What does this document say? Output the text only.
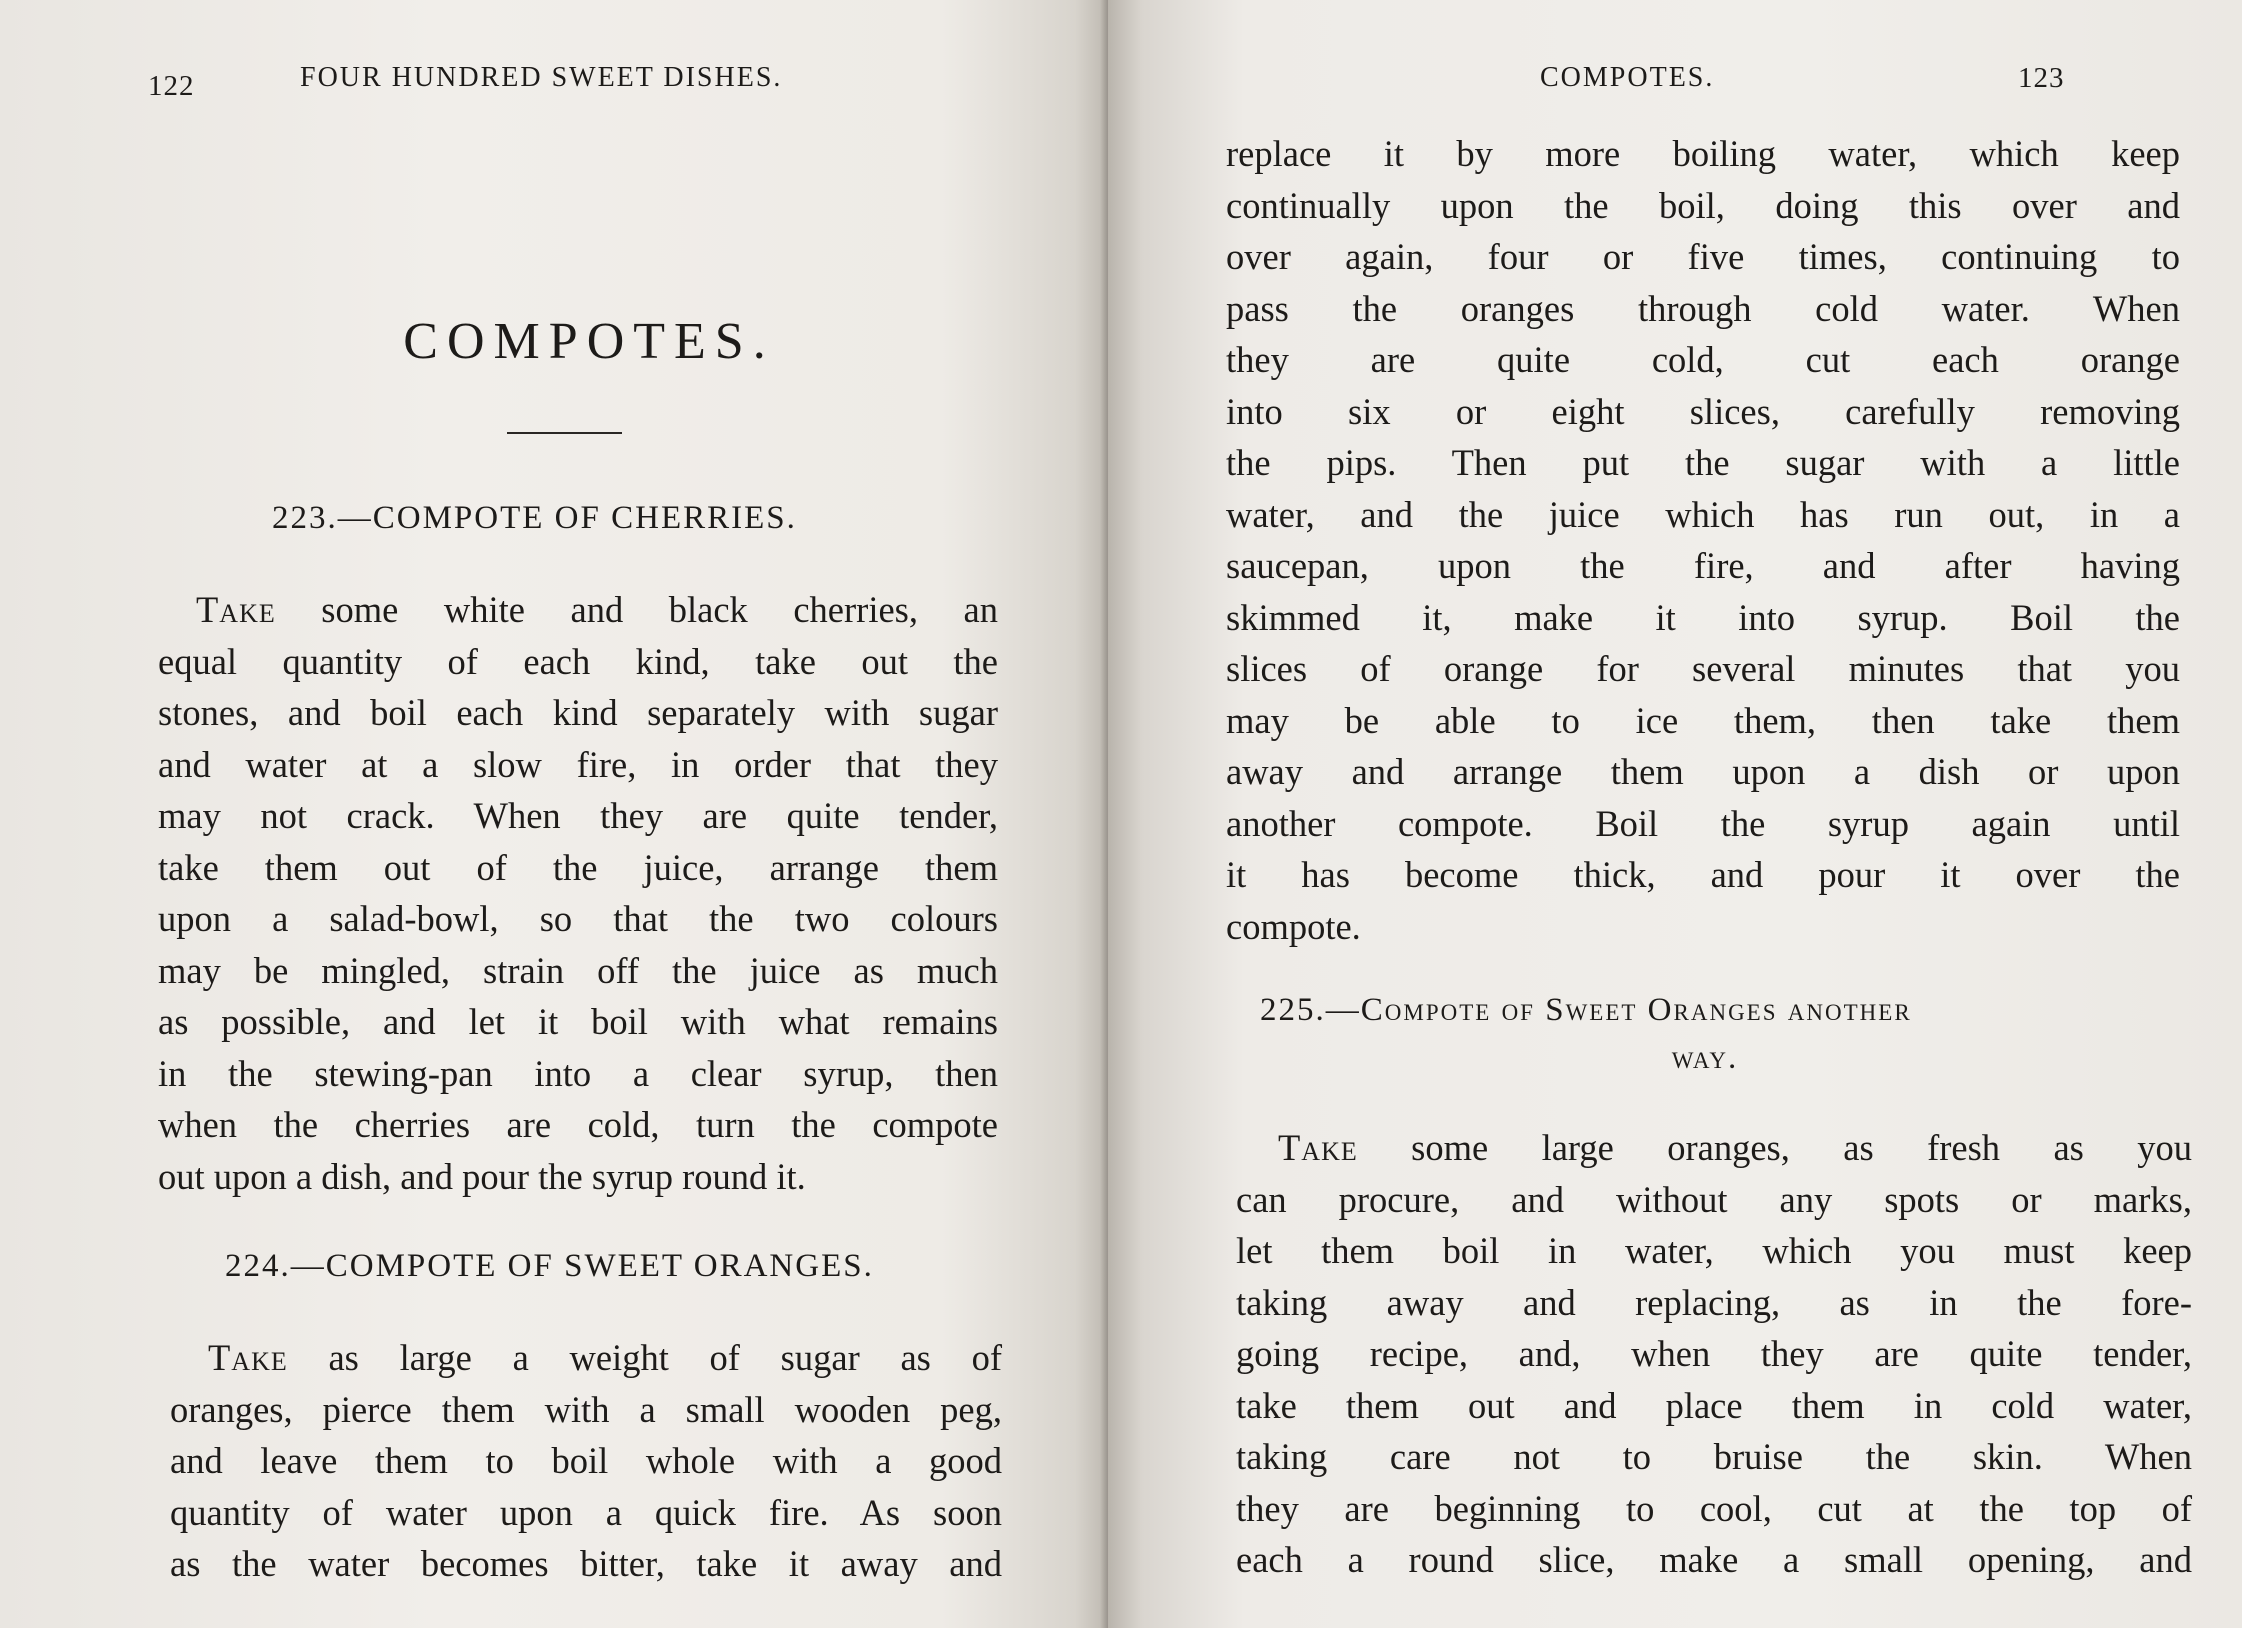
122	FOUR HUNDRED SWEET DISHES.
COMPOTES.
223.—COMPOTE OF CHERRIES.
Take some white and black cherries, an
equal quantity of each kind, take out the
stones, and boil each kind separately with sugar
and water at a slow fire, in order that they
may not crack. When they are quite tender,
take them out of the juice, arrange them
upon a salad-bowl, so that the two colours
may be mingled, strain off the juice as much
as possible, and let it boil with what remains
in the stewing-pan into a clear syrup, then
when the cherries are cold, turn the compote
out upon a dish, and pour the syrup round it.
224.—COMPOTE OF SWEET ORANGES.
Take as large a weight of sugar as of
oranges, pierce them with a small wooden peg,
and leave them to boil whole with a good
quantity of water upon a quick fire. As soon
as the water becomes bitter, take it away and
COMPOTES.	123
replace it by more boiling water, which keep
continually upon the boil, doing this over and
over again, four or five times, continuing to
pass the oranges through cold water. When
they are quite cold, cut each orange
into six or eight slices, carefully removing
the pips. Then put the sugar with a little
water, and the juice which has run out, in a
saucepan, upon the fire, and after having
skimmed it, make it into syrup. Boil the
slices of orange for several minutes that you
may be able to ice them, then take them
away and arrange them upon a dish or upon
another compote. Boil the syrup again until
it has become thick, and pour it over the
compote.
225.—Compote of Sweet Oranges another
way.
Take some large oranges, as fresh as you
can procure, and without any spots or marks,
let them boil in water, which you must keep
taking away and replacing, as in the fore-
going recipe, and, when they are quite tender,
take them out and place them in cold water,
taking care not to bruise the skin. When
they are beginning to cool, cut at the top of
each a round slice, make a small opening, and
